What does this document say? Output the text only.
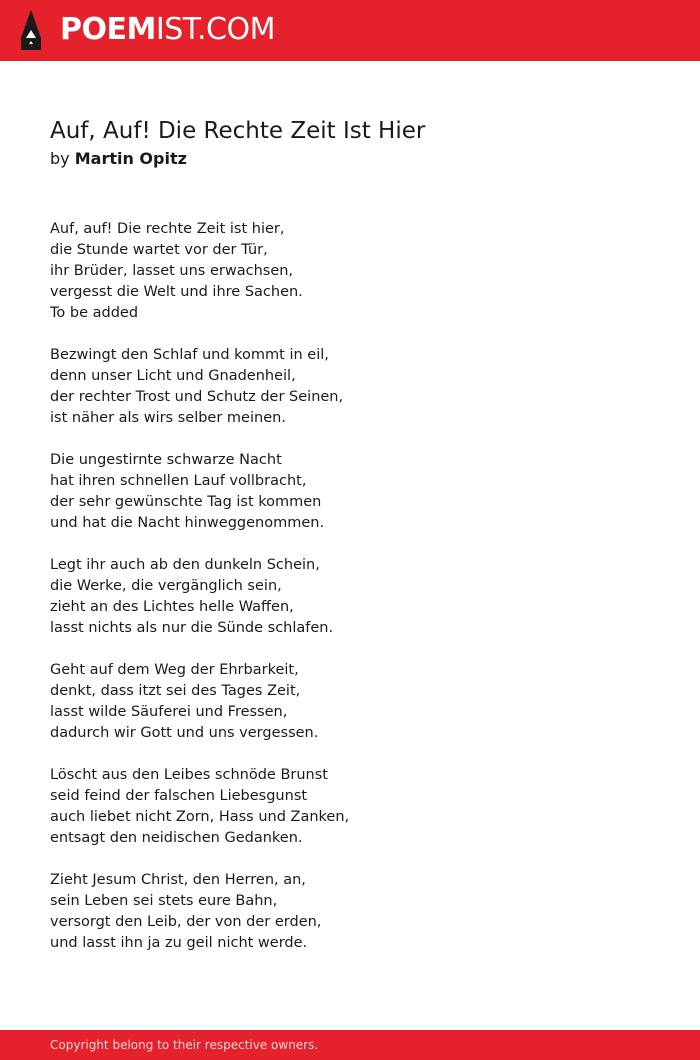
POEMIST.COM
Auf, Auf! Die Rechte Zeit Ist Hier
by Martin Opitz
Auf, auf! Die rechte Zeit ist hier,
die Stunde wartet vor der Tür,
ihr Brüder, lasset uns erwachsen,
vergesst die Welt und ihre Sachen.
To be added
Bezwingt den Schlaf und kommt in eil,
denn unser Licht und Gnadenheil,
der rechter Trost und Schutz der Seinen,
ist näher als wirs selber meinen.
Die ungestirnte schwarze Nacht
hat ihren schnellen Lauf vollbracht,
der sehr gewünschte Tag ist kommen
und hat die Nacht hinweggenommen.
Legt ihr auch ab den dunkeln Schein,
die Werke, die vergänglich sein,
zieht an des Lichtes helle Waffen,
lasst nichts als nur die Sünde schlafen.
Geht auf dem Weg der Ehrbarkeit,
denkt, dass itzt sei des Tages Zeit,
lasst wilde Säuferei und Fressen,
dadurch wir Gott und uns vergessen.
Löscht aus den Leibes schnöde Brunst
seid feind der falschen Liebesgunst
auch liebet nicht Zorn, Hass und Zanken,
entsagt den neidischen Gedanken.
Zieht Jesum Christ, den Herren, an,
sein Leben sei stets eure Bahn,
versorgt den Leib, der von der erden,
und lasst ihn ja zu geil nicht werde.
Copyright belong to their respective owners.
